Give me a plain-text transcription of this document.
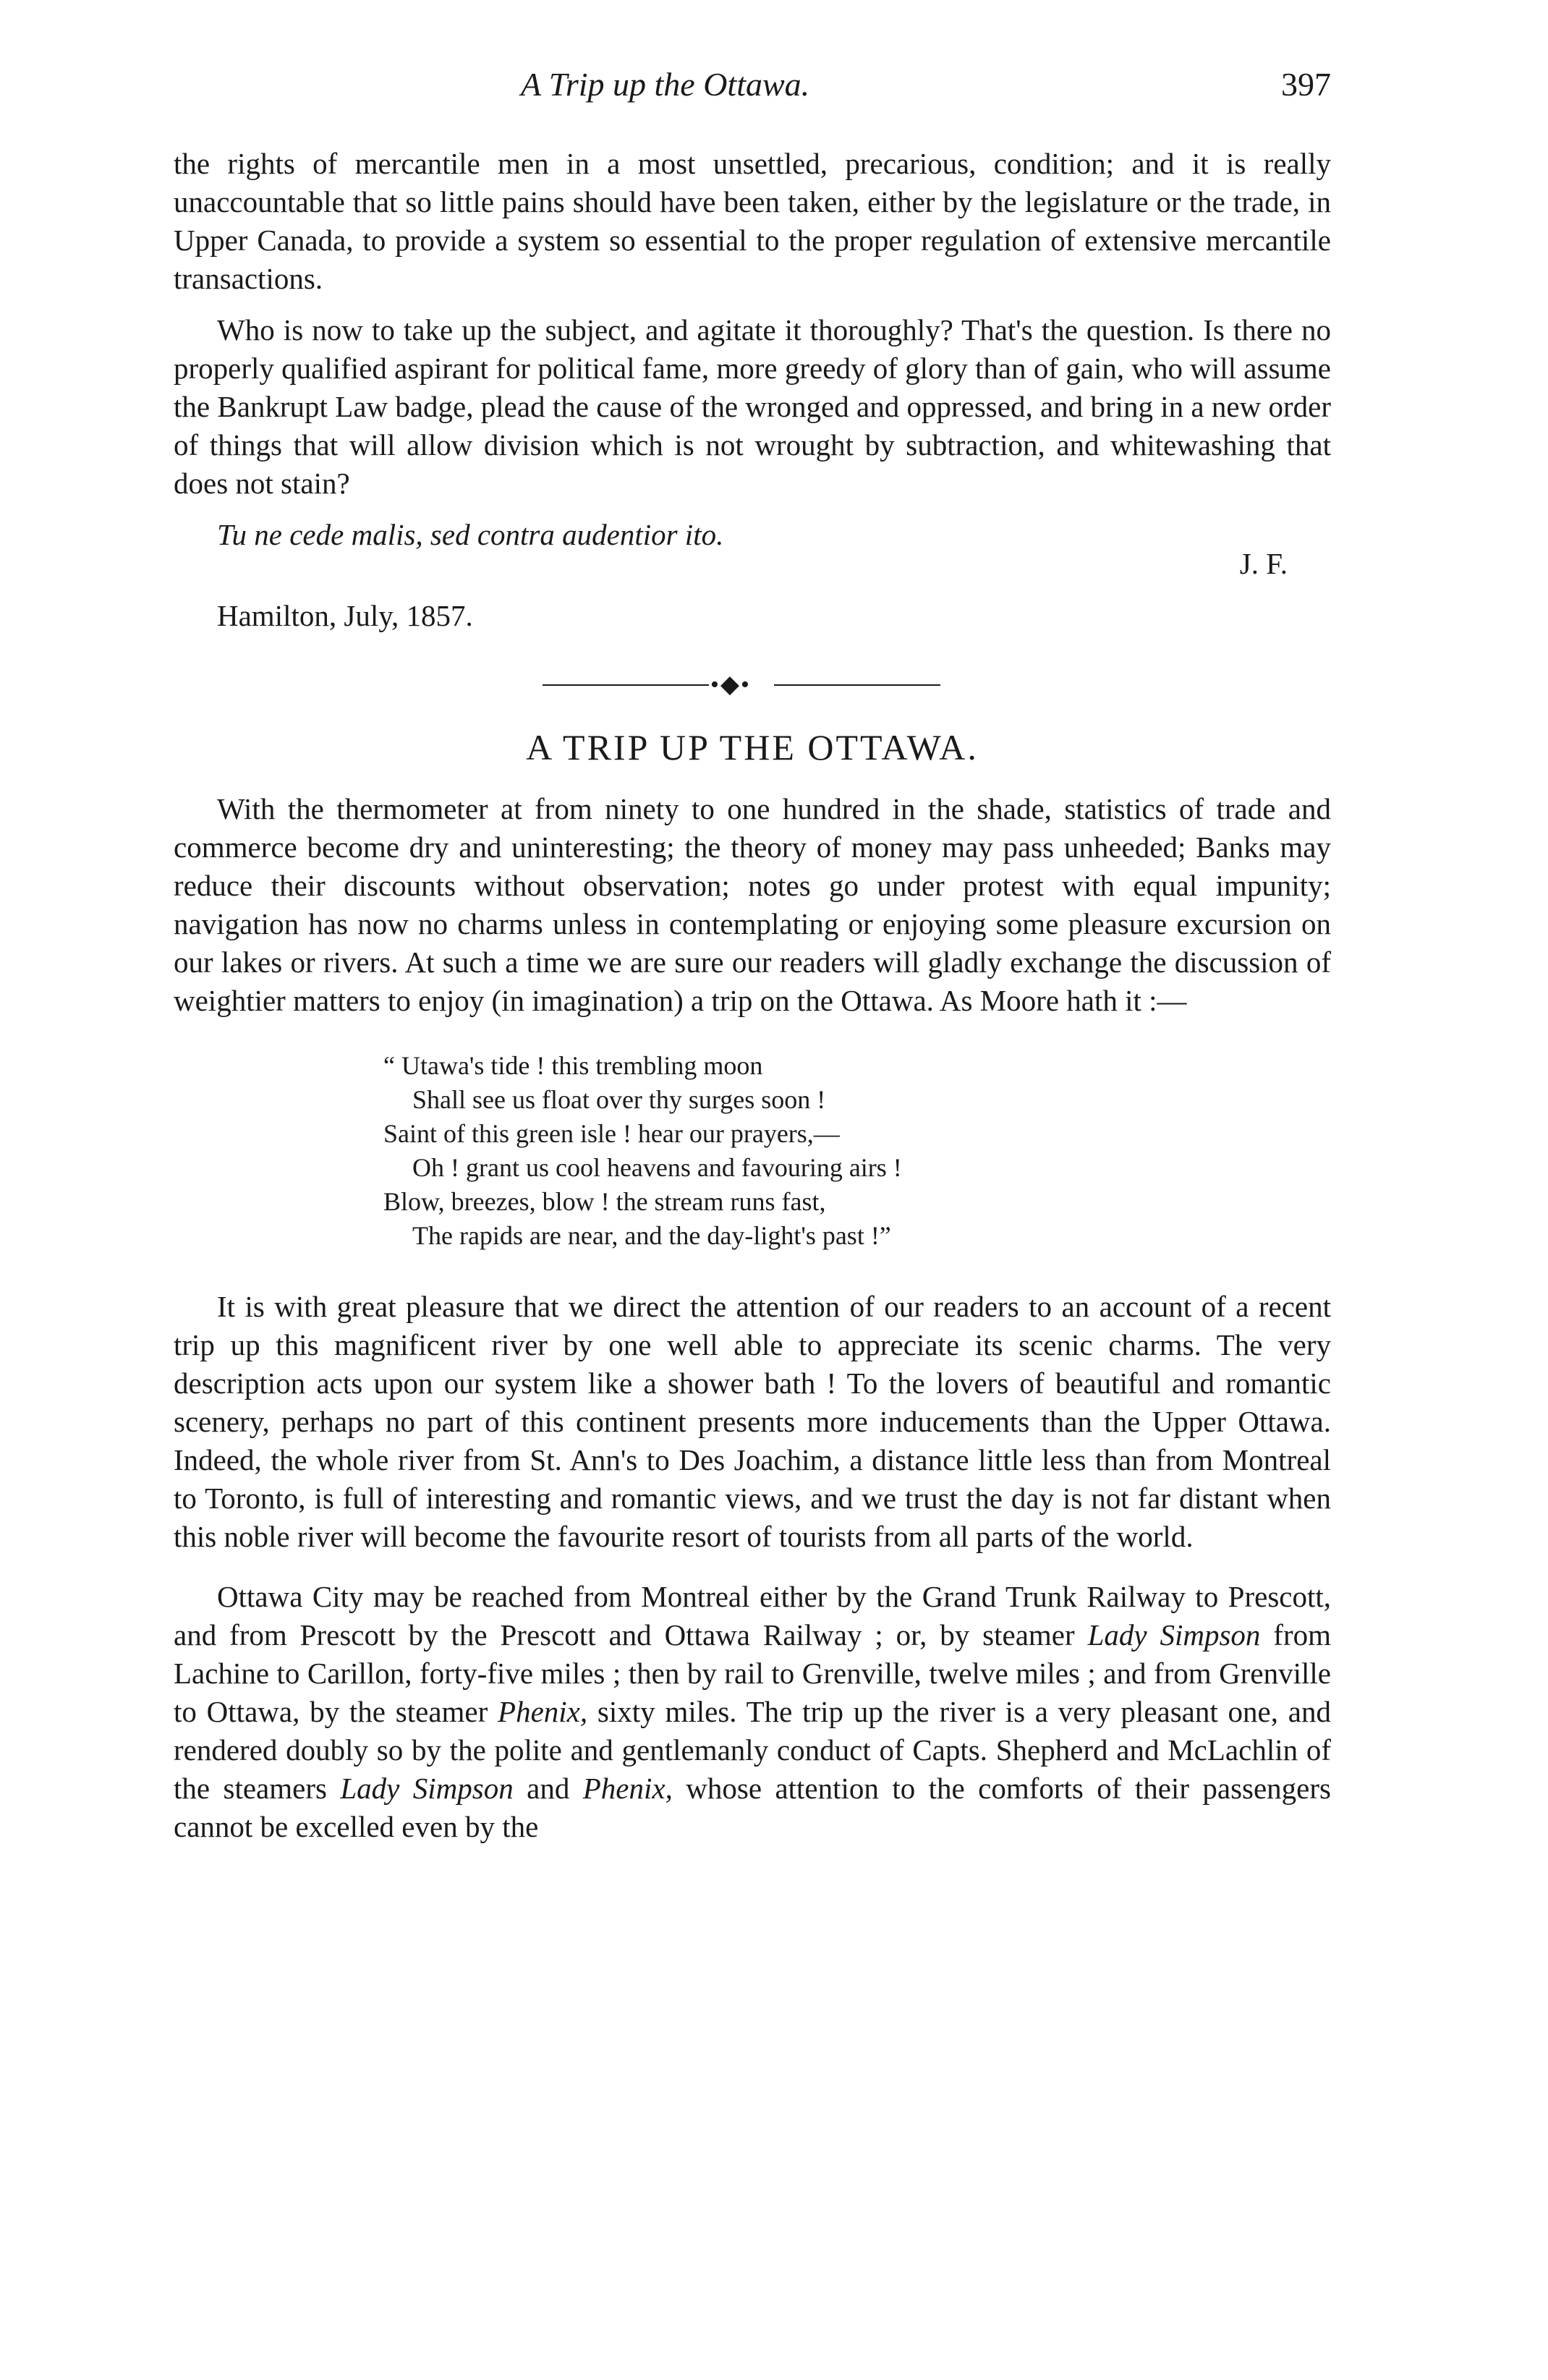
A Trip up the Ottawa.	397

the rights of mercantile men in a most unsettled, precarious, condition; and it is really unaccountable that so little pains should have been taken, either by the legislature or the trade, in Upper Canada, to provide a system so essential to the proper regulation of extensive mercantile transactions.

Who is now to take up the subject, and agitate it thoroughly? That's the question. Is there no properly qualified aspirant for political fame, more greedy of glory than of gain, who will assume the Bankrupt Law badge, plead the cause of the wronged and oppressed, and bring in a new order of things that will allow division which is not wrought by subtraction, and whitewashing that does not stain?

Tu ne cede malis, sed contra audentior ito.
J. F.
Hamilton, July, 1857.
•◆•
A TRIP UP THE OTTAWA.

With the thermometer at from ninety to one hundred in the shade, statistics of trade and commerce become dry and uninteresting; the theory of money may pass unheeded; Banks may reduce their discounts without observation; notes go under protest with equal impunity; navigation has now no charms unless in contemplating or enjoying some pleasure excursion on our lakes or rivers. At such a time we are sure our readers will gladly exchange the discussion of weightier matters to enjoy (in imagination) a trip on the Ottawa. As Moore hath it :—

“ Utawa's tide ! this trembling moon
Shall see us float over thy surges soon !
Saint of this green isle ! hear our prayers,—
Oh ! grant us cool heavens and favouring airs !
Blow, breezes, blow ! the stream runs fast,
The rapids are near, and the day-light's past !”

It is with great pleasure that we direct the attention of our readers to an account of a recent trip up this magnificent river by one well able to appreciate its scenic charms. The very description acts upon our system like a shower bath ! To the lovers of beautiful and romantic scenery, perhaps no part of this continent presents more inducements than the Upper Ottawa. Indeed, the whole river from St. Ann's to Des Joachim, a distance little less than from Montreal to Toronto, is full of interesting and romantic views, and we trust the day is not far distant when this noble river will become the favourite resort of tourists from all parts of the world.

Ottawa City may be reached from Montreal either by the Grand Trunk Railway to Prescott, and from Prescott by the Prescott and Ottawa Railway ; or, by steamer Lady Simpson from Lachine to Carillon, forty-five miles ; then by rail to Grenville, twelve miles ; and from Grenville to Ottawa, by the steamer Phenix, sixty miles. The trip up the river is a very pleasant one, and rendered doubly so by the polite and gentlemanly conduct of Capts. Shepherd and McLachlin of the steamers Lady Simpson and Phenix, whose attention to the comforts of their passengers cannot be excelled even by the
